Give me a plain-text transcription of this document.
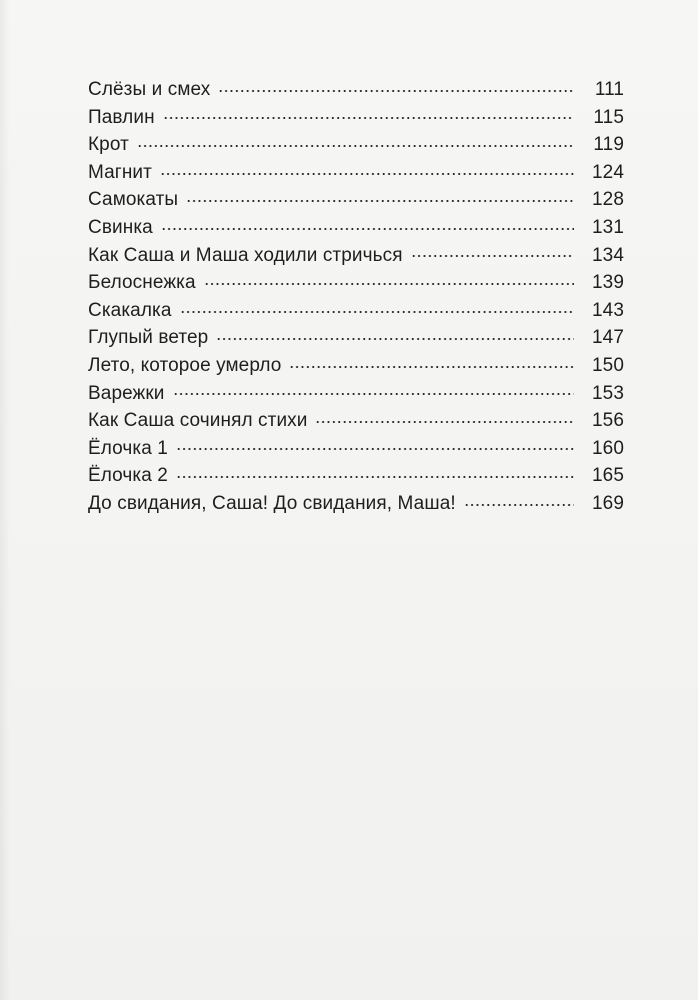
Слёзы и смех	111
Павлин	115
Крот	119
Магнит	124
Самокаты	128
Свинка	131
Как Саша и Маша ходили стричься	134
Белоснежка	139
Скакалка	143
Глупый ветер	147
Лето, которое умерло	150
Варежки	153
Как Саша сочинял стихи	156
Ёлочка 1	160
Ёлочка 2	165
До свидания, Саша! До свидания, Маша!	169
